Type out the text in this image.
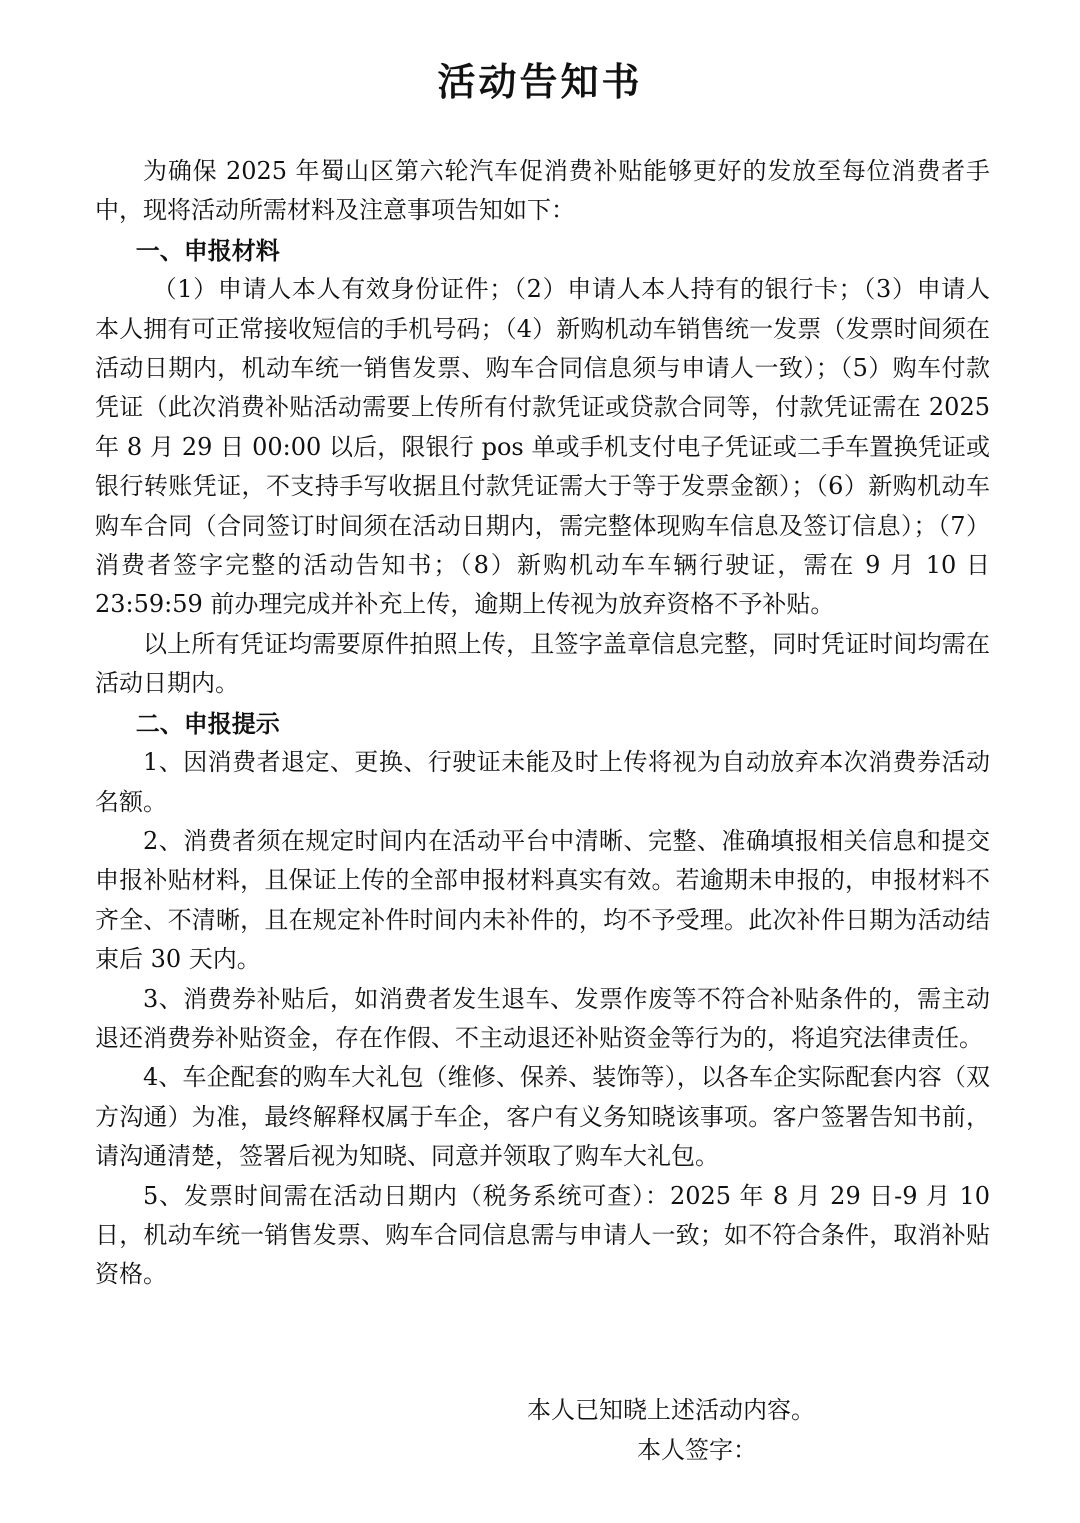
活动告知书

为确保 2025 年蜀山区第六轮汽车促消费补贴能够更好的发放至每位消费者手中，现将活动所需材料及注意事项告知如下：

一、申报材料

（1）申请人本人有效身份证件；（2）申请人本人持有的银行卡；（3）申请人本人拥有可正常接收短信的手机号码；（4）新购机动车销售统一发票（发票时间须在活动日期内，机动车统一销售发票、购车合同信息须与申请人一致）；（5）购车付款凭证（此次消费补贴活动需要上传所有付款凭证或贷款合同等，付款凭证需在 2025 年 8 月 29 日 00:00 以后，限银行 pos 单或手机支付电子凭证或二手车置换凭证或银行转账凭证，不支持手写收据且付款凭证需大于等于发票金额）；（6）新购机动车购车合同（合同签订时间须在活动日期内，需完整体现购车信息及签订信息）；（7）消费者签字完整的活动告知书；（8）新购机动车车辆行驶证，需在 9 月 10 日 23:59:59 前办理完成并补充上传，逾期上传视为放弃资格不予补贴。

以上所有凭证均需要原件拍照上传，且签字盖章信息完整，同时凭证时间均需在活动日期内。

二、申报提示

1、因消费者退定、更换、行驶证未能及时上传将视为自动放弃本次消费券活动名额。

2、消费者须在规定时间内在活动平台中清晰、完整、准确填报相关信息和提交申报补贴材料，且保证上传的全部申报材料真实有效。若逾期未申报的，申报材料不齐全、不清晰，且在规定补件时间内未补件的，均不予受理。此次补件日期为活动结束后 30 天内。

3、消费券补贴后，如消费者发生退车、发票作废等不符合补贴条件的，需主动退还消费券补贴资金，存在作假、不主动退还补贴资金等行为的，将追究法律责任。

4、车企配套的购车大礼包（维修、保养、装饰等），以各车企实际配套内容（双方沟通）为准，最终解释权属于车企，客户有义务知晓该事项。客户签署告知书前，请沟通清楚，签署后视为知晓、同意并领取了购车大礼包。

5、发票时间需在活动日期内（税务系统可查）：2025 年 8 月 29 日-9 月 10 日，机动车统一销售发票、购车合同信息需与申请人一致；如不符合条件，取消补贴资格。

本人已知晓上述活动内容。
本人签字：
